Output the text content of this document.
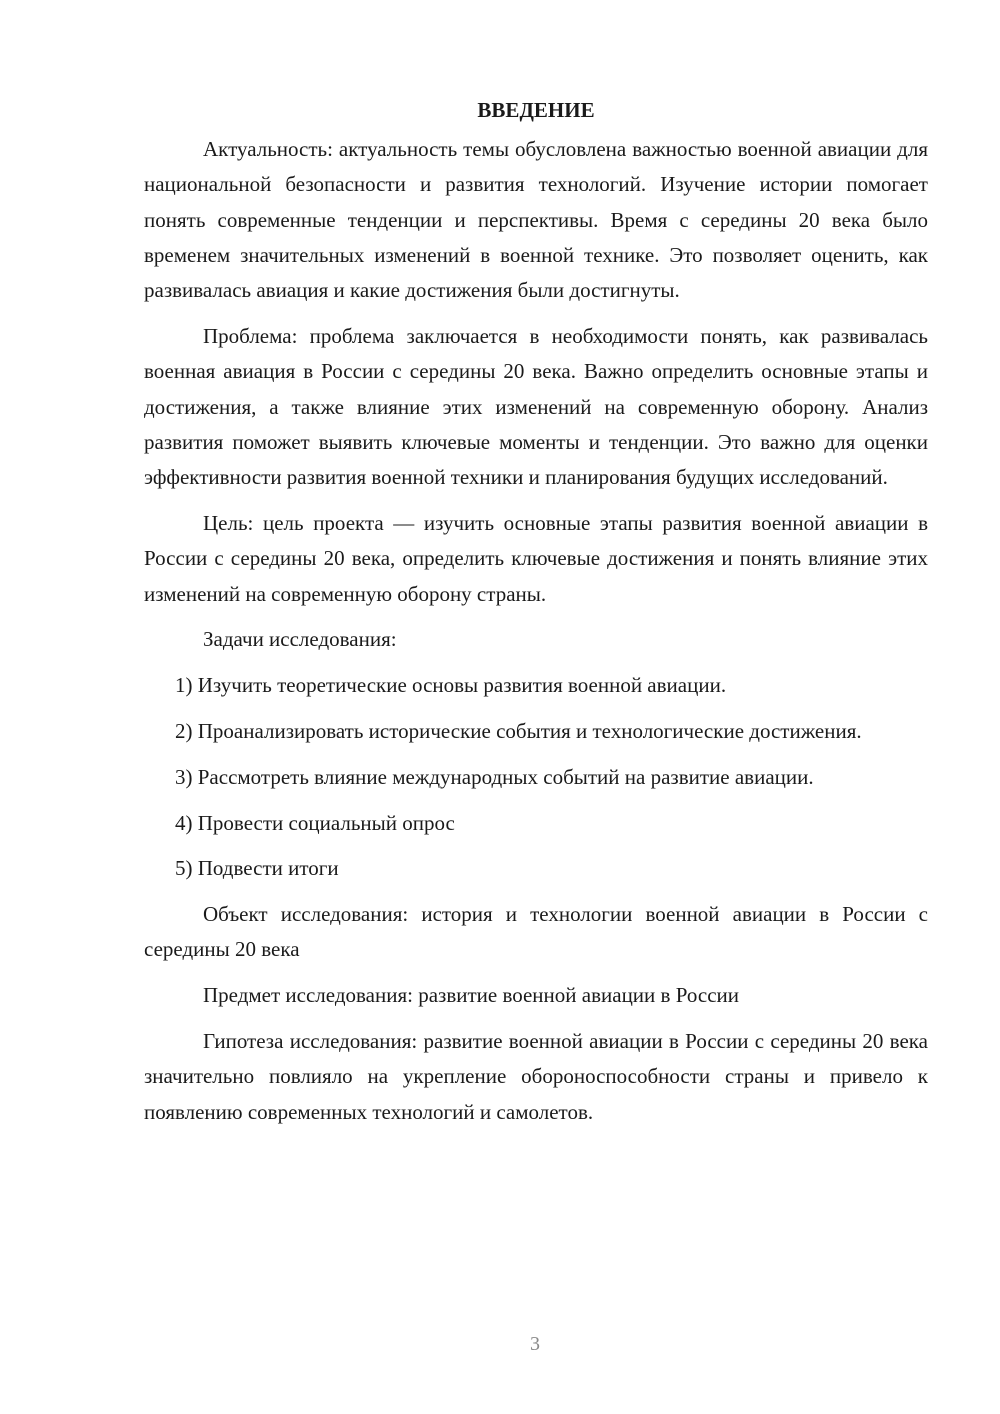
ВВЕДЕНИЕ

Актуальность: актуальность темы обусловлена важностью военной авиации для национальной безопасности и развития технологий. Изучение истории помогает понять современные тенденции и перспективы. Время с середины 20 века было временем значительных изменений в военной технике. Это позволяет оценить, как развивалась авиация и какие достижения были достигнуты.

Проблема: проблема заключается в необходимости понять, как развивалась военная авиация в России с середины 20 века. Важно определить основные этапы и достижения, а также влияние этих изменений на современную оборону. Анализ развития поможет выявить ключевые моменты и тенденции. Это важно для оценки эффективности развития военной техники и планирования будущих исследований.

Цель: цель проекта — изучить основные этапы развития военной авиации в России с середины 20 века, определить ключевые достижения и понять влияние этих изменений на современную оборону страны.

Задачи исследования:

1) Изучить теоретические основы развития военной авиации.

2) Проанализировать исторические события и технологические достижения.

3) Рассмотреть влияние международных событий на развитие авиации.

4) Провести социальный опрос

5) Подвести итоги

Объект исследования: история и технологии военной авиации в России с середины 20 века

Предмет исследования: развитие военной авиации в России

Гипотеза исследования: развитие военной авиации в России с середины 20 века значительно повлияло на укрепление обороноспособности страны и привело к появлению современных технологий и самолетов.

3
